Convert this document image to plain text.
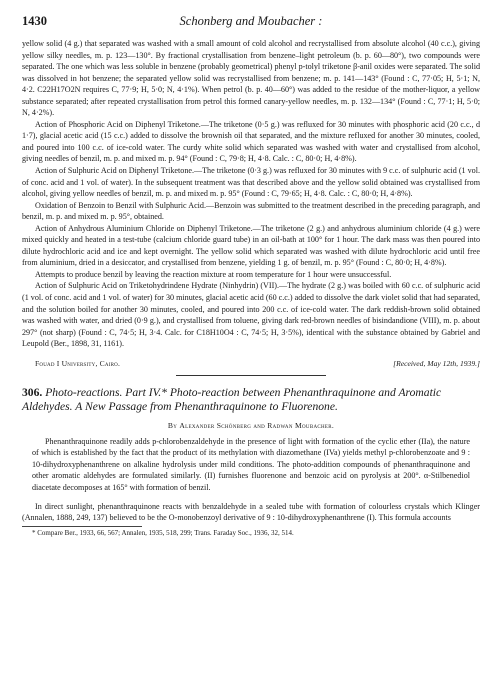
1430	Schonberg and Moubacher :

yellow solid (4 g.) that separated was washed with a small amount of cold alcohol and recrystallised from absolute alcohol (40 c.c.), giving yellow silky needles, m. p. 123—130°. By fractional crystallisation from benzene–light petroleum (b. p. 60—80°), two compounds were separated. The one which was less soluble in benzene (probably geometrical) phenyl p-tolyl triketone β-anil oxides were separated. The solid was dissolved in hot benzene; the separated yellow solid was recrystallised from benzene; m. p. 141—143° (Found : C, 77·05; H, 5·1; N, 4·2. C22H17O2N requires C, 77·9; H, 5·0; N, 4·1%). When petrol (b. p. 40—60°) was added to the residue of the mother-liquor, a yellow substance separated; after repeated crystallisation from petrol this formed canary-yellow needles, m. p. 132—134° (Found : C, 77·1; H, 5·0; N, 4·2%).

Action of Phosphoric Acid on Diphenyl Triketone.—The triketone (0·5 g.) was refluxed for 30 minutes with phosphoric acid (20 c.c., d 1·7), glacial acetic acid (15 c.c.) added to dissolve the brownish oil that separated, and the mixture refluxed for another 30 minutes, cooled, and poured into 100 c.c. of ice-cold water. The curdy white solid which separated was washed with water and crystallised from alcohol, giving needles of benzil, m. p. and mixed m. p. 94° (Found : C, 79·8; H, 4·8. Calc. : C, 80·0; H, 4·8%).

Action of Sulphuric Acid on Diphenyl Triketone.—The triketone (0·3 g.) was refluxed for 30 minutes with 9 c.c. of sulphuric acid (1 vol. of conc. acid and 1 vol. of water). In the subsequent treatment was that described above and the yellow solid obtained was crystallised from alcohol, giving yellow needles of benzil, m. p. and mixed m. p. 95° (Found : C, 79·65; H, 4·8. Calc. : C, 80·0; H, 4·8%).

Oxidation of Benzoin to Benzil with Sulphuric Acid.—Benzoin was submitted to the treatment described in the preceding paragraph, and benzil, m. p. and mixed m. p. 95°, obtained.

Action of Anhydrous Aluminium Chloride on Diphenyl Triketone.—The triketone (2 g.) and anhydrous aluminium chloride (4 g.) were mixed quickly and heated in a test-tube (calcium chloride guard tube) in an oil-bath at 100° for 1 hour. The dark mass was then poured into dilute hydrochloric acid and ice and kept overnight. The yellow solid which separated was washed with dilute hydrochloric acid until free from aluminium, dried in a desiccator, and crystallised from benzene, yielding 1 g. of benzil, m. p. 95° (Found : C, 80·0; H, 4·8%).

Attempts to produce benzil by leaving the reaction mixture at room temperature for 1 hour were unsuccessful.

Action of Sulphuric Acid on Triketohydrindene Hydrate (Ninhydrin) (VII).—The hydrate (2 g.) was boiled with 60 c.c. of sulphuric acid (1 vol. of conc. acid and 1 vol. of water) for 30 minutes, glacial acetic acid (60 c.c.) added to dissolve the dark violet solid that had separated, and the solution boiled for another 30 minutes, cooled, and poured into 200 c.c. of ice-cold water. The dark reddish-brown solid obtained was washed with water, and dried (0·9 g.), and crystallised from toluene, giving dark red-brown needles of bisindandione (VIII), m. p. about 297° (not sharp) (Found : C, 74·5; H, 3·4. Calc. for C18H10O4 : C, 74·5; H, 3·5%), identical with the substance obtained by Gabriel and Leupold (Ber., 1898, 31, 1161).

Fouad I University, Cairo.	[Received, May 12th, 1939.]
306. Photo-reactions. Part IV.* Photo-reaction between Phenanthraquinone and Aromatic Aldehydes. A New Passage from Phenanthraquinone to Fluorenone.
By Alexander Schönberg and Radwan Moubacher.

Phenanthraquinone readily adds p-chlorobenzaldehyde in the presence of light with formation of the cyclic ether (IIa), the nature of which is established by the fact that the product of its methylation with diazomethane (IVa) yields methyl p-chlorobenzoate and 9 : 10-dihydroxyphenanthrene on alkaline hydrolysis under mild conditions. The photo-addition compounds of phenanthraquinone and other aromatic aldehydes are formulated similarly. (II) furnishes fluorenone and benzoic acid on pyrolysis at 200°. α-Stilbenediol diacetate decomposes at 165° with formation of benzil.

In direct sunlight, phenanthraquinone reacts with benzaldehyde in a sealed tube with formation of colourless crystals which Klinger (Annalen, 1888, 249, 137) believed to be the O-monobenzoyl derivative of 9 : 10-dihydroxyphenanthrene (I). This formula accounts

* Compare Ber., 1933, 66, 567; Annalen, 1935, 518, 299; Trans. Faraday Soc., 1936, 32, 514.
